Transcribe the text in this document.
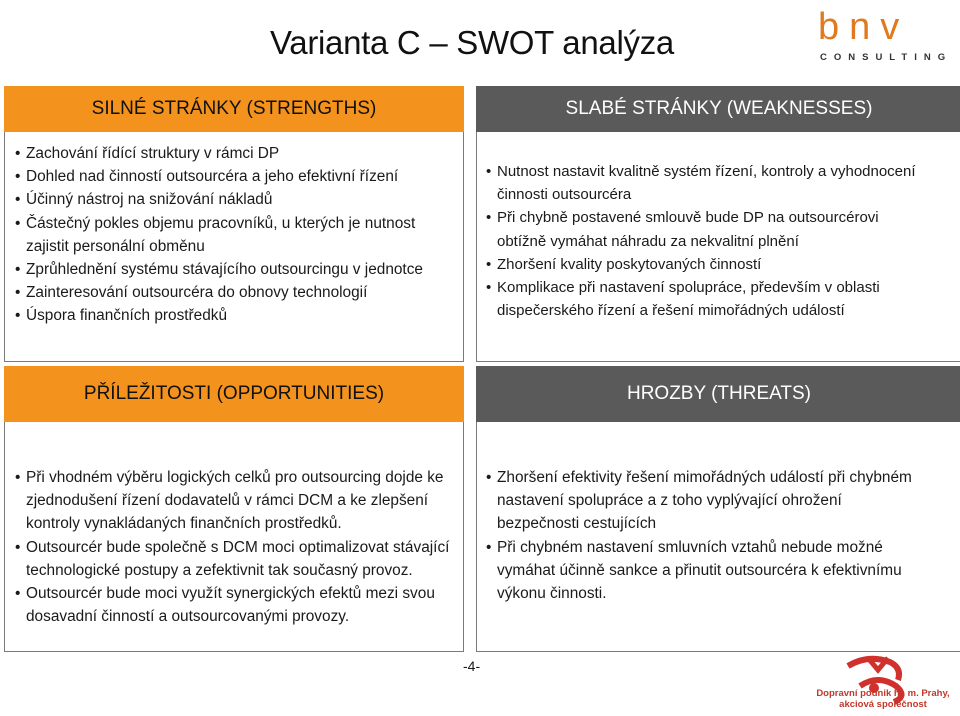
Varianta C – SWOT analýza	bnv
CONSULTING
SILNÉ STRÁNKY (STRENGTHS)
• Zachování řídící struktury v rámci DP
• Dohled nad činností outsourcéra a jeho efektivní řízení
• Účinný nástroj na snižování nákladů
• Částečný pokles objemu pracovníků, u kterých je nutnost zajistit personální obměnu
• Zprůhlednění systému stávajícího outsourcingu v jednotce
• Zainteresování outsourcéra do obnovy technologií
• Úspora finančních prostředků
SLABÉ STRÁNKY (WEAKNESSES)
• Nutnost nastavit kvalitně systém řízení, kontroly a vyhodnocení činnosti outsourcéra
• Při chybně postavené smlouvě bude DP na outsourcérovi obtížně vymáhat náhradu za nekvalitní plnění
• Zhoršení kvality poskytovaných činností
• Komplikace při nastavení spolupráce, především v oblasti dispečerského řízení a řešení mimořádných událostí
PŘÍLEŽITOSTI (OPPORTUNITIES)
• Při vhodném výběru logických celků pro outsourcing dojde ke zjednodušení řízení dodavatelů v rámci DCM a ke zlepšení kontroly vynakládaných finančních prostředků.
• Outsourcér bude společně s DCM moci optimalizovat stávající technologické postupy a zefektivnit tak současný provoz.
• Outsourcér bude moci využít synergických efektů mezi svou dosavadní činností a outsourcovanými provozy.
HROZBY (THREATS)
• Zhoršení efektivity řešení mimořádných událostí při chybném nastavení spolupráce a z toho vyplývající ohrožení bezpečnosti cestujících
• Při chybném nastavení smluvních vztahů nebude možné vymáhat účinně sankce a přinutit outsourcéra k efektivnímu výkonu činnosti.
-4-
Dopravní podnik hl. m. Prahy,
akciová společnost
